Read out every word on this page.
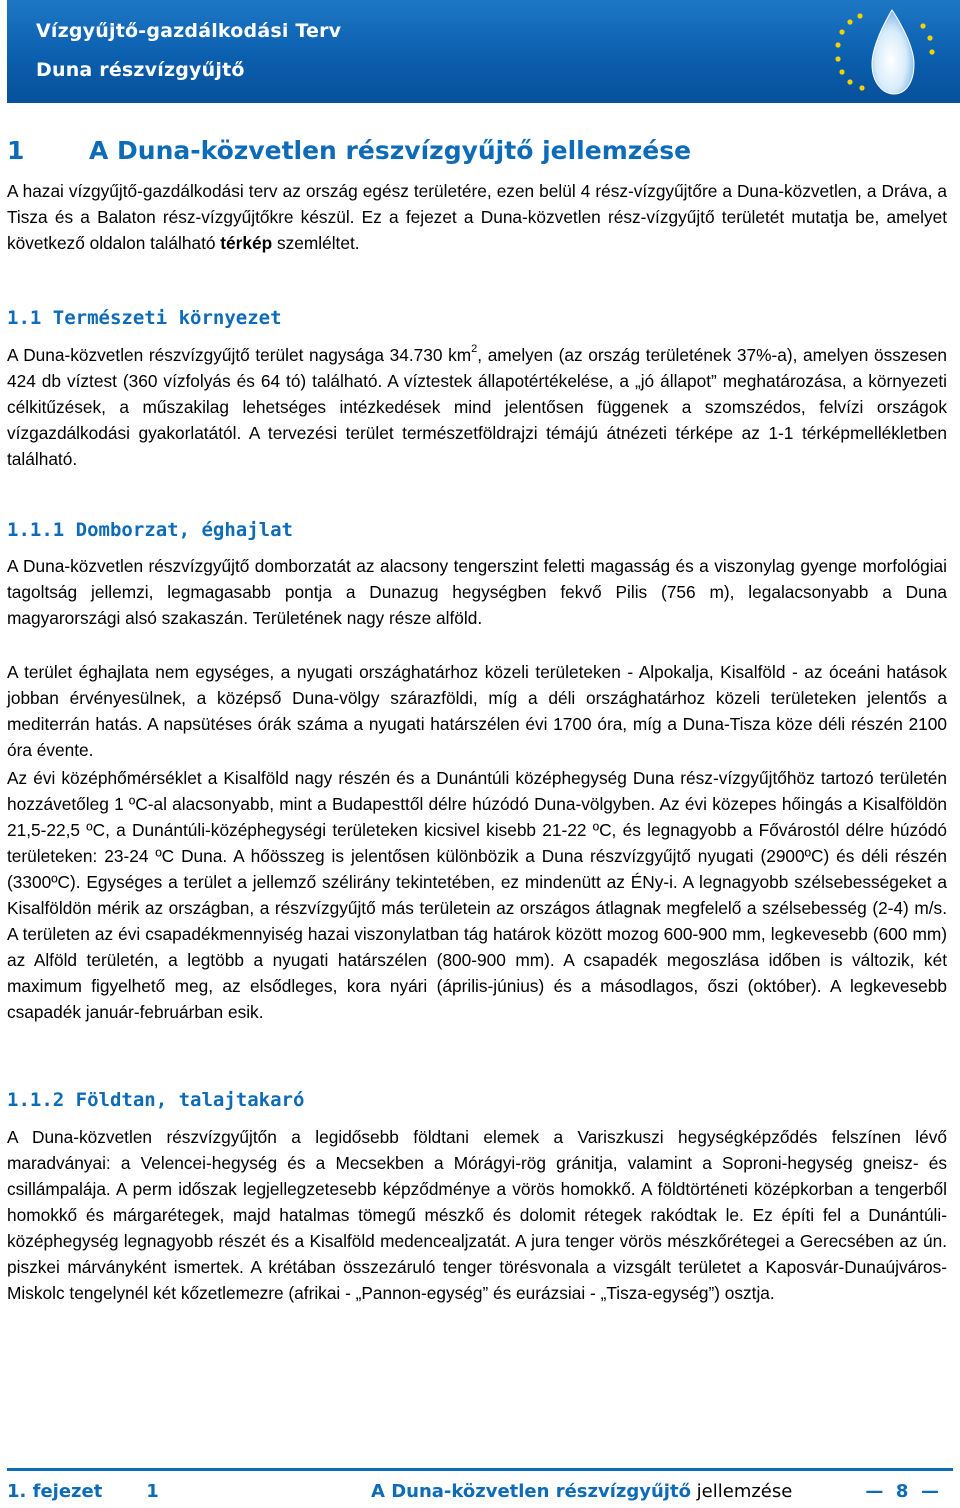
Vízgyűjtő-gazdálkodási Terv
Duna részvízgyűjtő
1	A Duna-közvetlen részvízgyűjtő jellemzése

A hazai vízgyűjtő-gazdálkodási terv az ország egész területére, ezen belül 4 rész-vízgyűjtőre a Duna-közvetlen, a Dráva, a Tisza és a Balaton rész-vízgyűjtőkre készül. Ez a fejezet a Duna-közvetlen rész-vízgyűjtő területét mutatja be, amelyet következő oldalon található térkép szemléltet.

1.1 Természeti környezet

A Duna-közvetlen részvízgyűjtő terület nagysága 34.730 $km^2$, amelyen (az ország területének 37%-a), amelyen összesen 424 db víztest (360 vízfolyás és 64 tó) található. A víztestek állapotértékelése, a „jó állapot” meghatározása, a környezeti célkitűzések, a műszakilag lehetséges intézkedések mind jelentősen függenek a szomszédos, felvízi országok vízgazdálkodási gyakorlatától. A tervezési terület természetföldrajzi témájú átnézeti térképe az 1-1 térképmellékletben található.

1.1.1 Domborzat, éghajlat

A Duna-közvetlen részvízgyűjtő domborzatát az alacsony tengerszint feletti magasság és a viszonylag gyenge morfológiai tagoltság jellemzi, legmagasabb pontja a Dunazug hegységben fekvő Pilis (756 m), legalacsonyabb a Duna magyarországi alsó szakaszán. Területének nagy része alföld.

A terület éghajlata nem egységes, a nyugati országhatárhoz közeli területeken - Alpokalja, Kisalföld - az óceáni hatások jobban érvényesülnek, a középső Duna-völgy szárazföldi, míg a déli országhatárhoz közeli területeken jelentős a mediterrán hatás. A napsütéses órák száma a nyugati határszélen évi 1700 óra, míg a Duna-Tisza köze déli részén 2100 óra évente.

Az évi középhőmérséklet a Kisalföld nagy részén és a Dunántúli középhegység Duna rész-vízgyűjtőhöz tartozó területén hozzávetőleg 1 ºC-al alacsonyabb, mint a Budapesttől délre húzódó Duna-völgyben. Az évi közepes hőingás a Kisalföldön 21,5-22,5 ºC, a Dunántúli-középhegységi területeken kicsivel kisebb 21-22 ºC, és legnagyobb a Fővárostól délre húzódó területeken: 23-24 ºC Duna. A hőösszeg is jelentősen különbözik a Duna részvízgyűjtő nyugati (2900ºC) és déli részén (3300ºC). Egységes a terület a jellemző szélirány tekintetében, ez mindenütt az ÉNy-i. A legnagyobb szélsebességeket a Kisalföldön mérik az országban, a részvízgyűjtő más területein az országos átlagnak megfelelő a szélsebesség (2-4) m/s. A területen az évi csapadékmennyiség hazai viszonylatban tág határok között mozog 600-900 mm, legkevesebb (600 mm) az Alföld területén, a legtöbb a nyugati határszélen (800-900 mm). A csapadék megoszlása időben is változik, két maximum figyelhető meg, az elsődleges, kora nyári (április-június) és a másodlagos, őszi (október). A legkevesebb csapadék január-februárban esik.

1.1.2 Földtan, talajtakaró

A Duna-közvetlen részvízgyűjtőn a legidősebb földtani elemek a Variszkuszi hegységképződés felszínen lévő maradványai: a Velencei-hegység és a Mecsekben a Mórágyi-rög gránitja, valamint a Soproni-hegység gneisz- és csillámpalája. A perm időszak legjellegzetesebb képződménye a vörös homokkő. A földtörténeti középkorban a tengerből homokkő és márgarétegek, majd hatalmas tömegű mészkő és dolomit rétegek rakódtak le. Ez építi fel a Dunántúli-középhegység legnagyobb részét és a Kisalföld medencealjzatát. A jura tenger vörös mészkőrétegei a Gerecsében az ún. piszkei márványként ismertek. A krétában összezáruló tenger törésvonala a vizsgált területet a Kaposvár-Dunaújváros-Miskolc tengelynél két kőzetlemezre (afrikai - „Pannon-egység” és eurázsiai - „Tisza-egység”) osztja.

1. fejezet 1	A Duna-közvetlen részvízgyűjtő jellemzése	—  8  —
